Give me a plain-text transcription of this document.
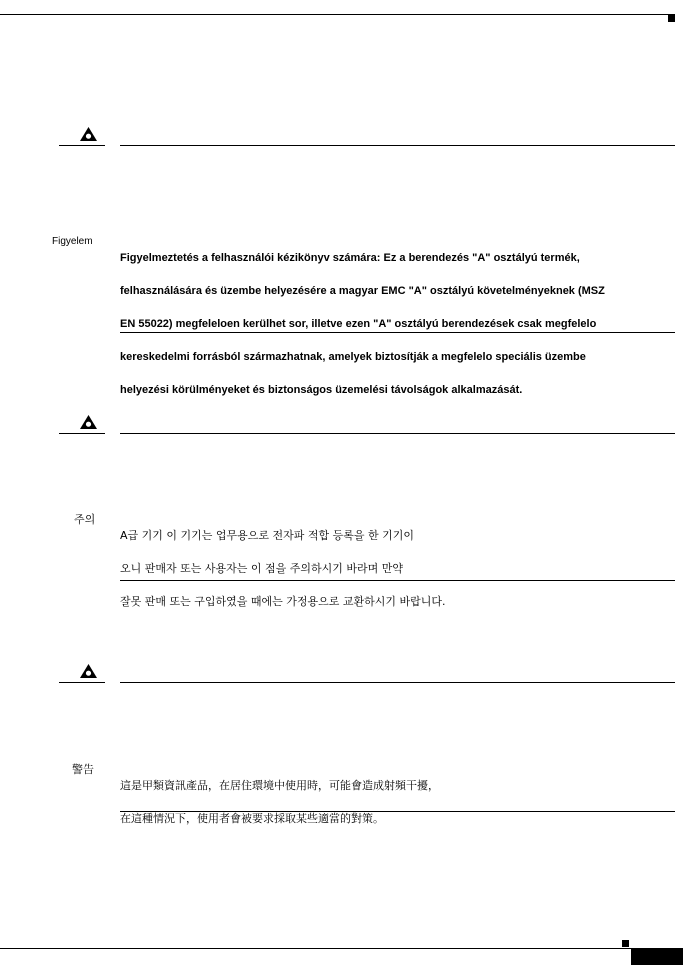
Figyelem

Figyelmeztetés a felhasználói kézikönyv számára: Ez a berendezés "A" osztályú termék,

felhasználására és üzembe helyezésére a magyar EMC "A" osztályú követelményeknek (MSZ

EN 55022) megfeleloen kerülhet sor, illetve ezen "A" osztályú berendezések csak megfelelo

kereskedelmi forrásból származhatnak, amelyek biztosítják a megfelelo speciális üzembe

helyezési körülményeket és biztonságos üzemelési távolságok alkalmazását.

주의

A급 기기 이 기기는 업무용으로 전자파 적합 등록을 한 기기이

오니 판매자 또는 사용자는 이 점을 주의하시기 바라며 만약

잘못 판매 또는 구입하였을 때에는 가정용으로 교환하시기 바랍니다.

警告

這是甲類資訊產品，在居住環境中使用時，可能會造成射頻干擾，

在這種情況下，使用者會被要求採取某些適當的對策。
